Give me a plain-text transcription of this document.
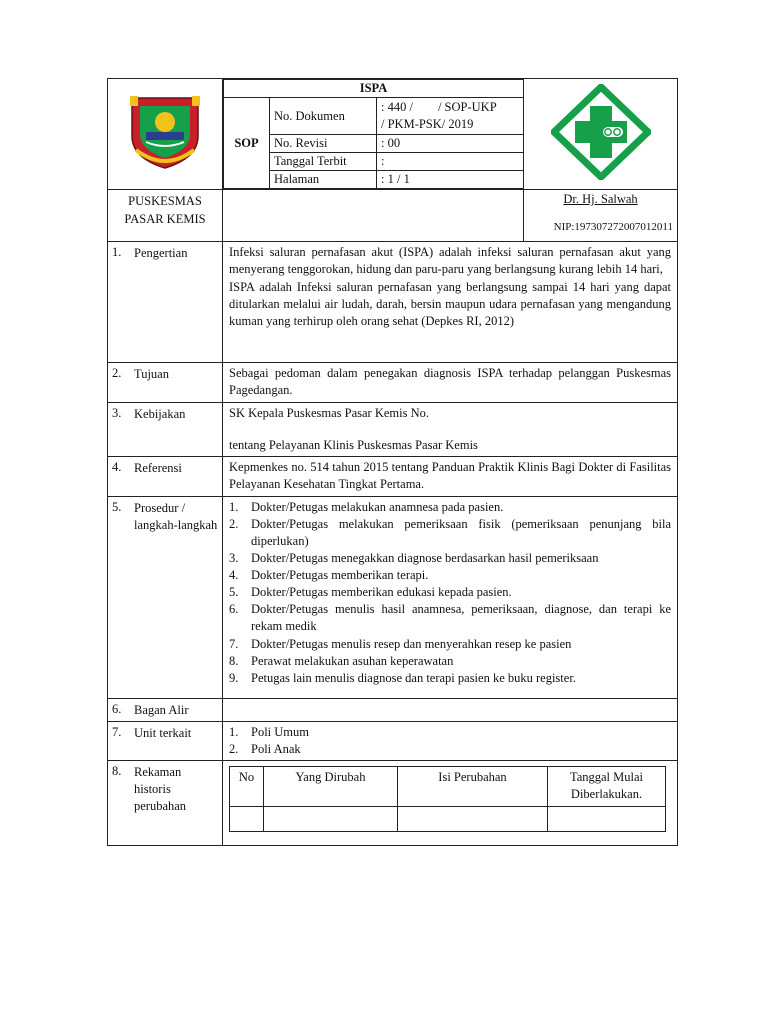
ISPA
SOP	No. Dokumen	
: 440 /        / SOP-UKP
/ PKM-PSK/ 2019

No. Revisi	: 00
Tanggal Terbit	:
Halaman	: 1 / 1

PUSKESMAS
PASAR KEMIS

Dr. Hj. Salwah
NIP:197307272007012011

1. Pengertian	Infeksi saluran pernafasan akut (ISPA) adalah infeksi saluran pernafasan akut yang menyerang tenggorokan, hidung dan paru-paru yang berlangsung kurang lebih 14 hari,

ISPA adalah Infeksi saluran pernafasan yang berlangsung sampai 14 hari yang dapat ditularkan melalui air ludah, darah, bersin maupun udara pernafasan yang mengandung kuman yang terhirup oleh orang sehat (Depkes RI, 2012)

2. Tujuan	Sebagai pedoman dalam penegakan diagnosis ISPA terhadap pelanggan Puskesmas Pagedangan.

3. Kebijakan	SK Kepala Puskesmas Pasar Kemis No.

tentang Pelayanan Klinis Puskesmas Pasar Kemis

4. Referensi	Kepmenkes no. 514 tahun 2015 tentang Panduan Praktik Klinis Bagi Dokter di Fasilitas Pelayanan Kesehatan Tingkat Pertama.

5. Prosedur / langkah-langkah	
1. Dokter/Petugas melakukan anamnesa pada pasien.
2. Dokter/Petugas melakukan pemeriksaan fisik (pemeriksaan penunjang bila diperlukan)
3. Dokter/Petugas menegakkan diagnose berdasarkan hasil pemeriksaan
4. Dokter/Petugas memberikan terapi.
5. Dokter/Petugas memberikan edukasi kepada pasien.
6. Dokter/Petugas menulis hasil anamnesa, pemeriksaan, diagnose, dan terapi ke rekam medik
7. Dokter/Petugas menulis resep dan menyerahkan resep ke pasien
8. Perawat melakukan asuhan keperawatan
9. Petugas lain menulis diagnose dan terapi pasien ke buku register.

6. Bagan Alir	
7. Unit terkait	1. Poli Umum
2. Poli Anak

8. Rekaman historis perubahan	
No	Yang Dirubah	Isi Perubahan	Tanggal Mulai Diberlakukan.
